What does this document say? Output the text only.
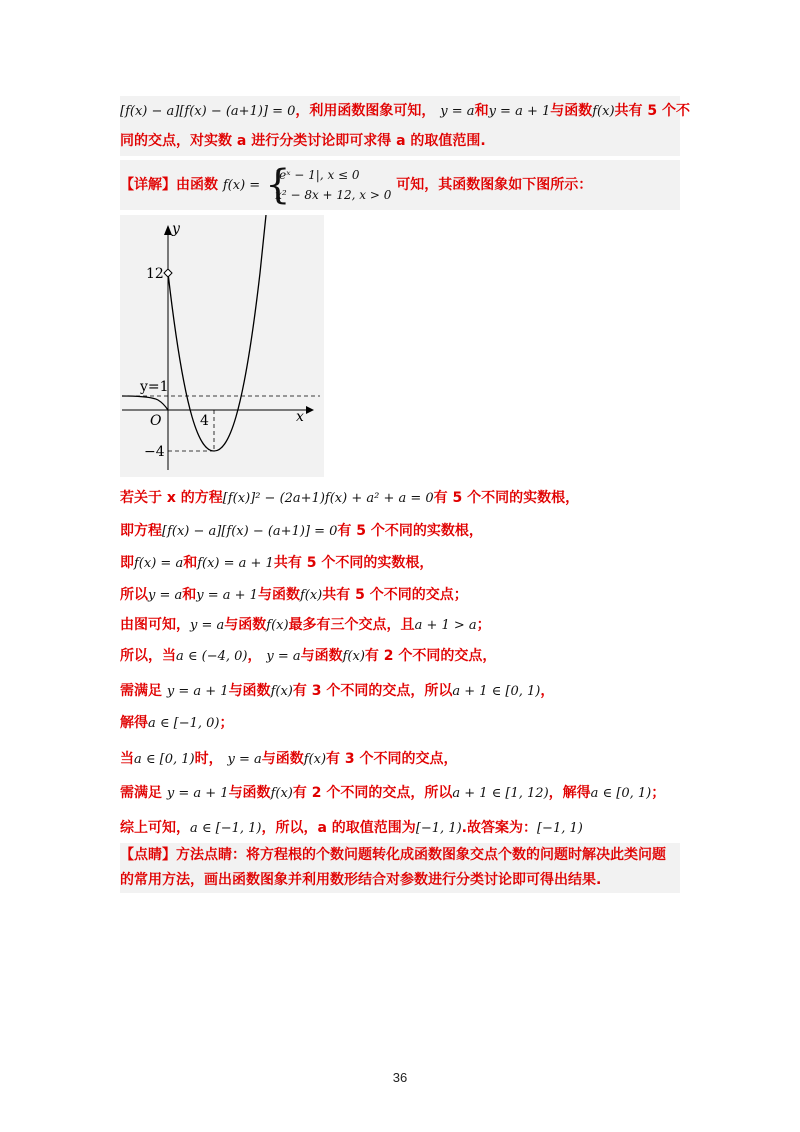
[f(x) − a][f(x) − (a+1)] = 0，利用函数图象可知， y = a和y = a + 1与函数f(x)共有 5 个不
同的交点，对实数 a 进行分类讨论即可求得 a 的取值范围.
【详解】由函数 f(x) = {
|eˣ − 1|, x ≤ 0
x² − 8x + 12, x > 0
可知，其函数图象如下图所示：
y
x
O
12
y=1
4
−4
若关于 x 的方程[f(x)]² − (2a+1)f(x) + a² + a = 0有 5 个不同的实数根，
即方程[f(x) − a][f(x) − (a+1)] = 0有 5 个不同的实数根，
即f(x) = a和f(x) = a + 1共有 5 个不同的实数根，
所以y = a和y = a + 1与函数f(x)共有 5 个不同的交点；
由图可知，y = a与函数f(x)最多有三个交点，且a + 1 > a；
所以，当a ∈ (−4, 0)， y = a与函数f(x)有 2 个不同的交点，
需满足 y = a + 1与函数f(x)有 3 个不同的交点，所以a + 1 ∈ [0, 1)，
解得a ∈ [−1, 0)；
当a ∈ [0, 1)时， y = a与函数f(x)有 3 个不同的交点，
需满足 y = a + 1与函数f(x)有 2 个不同的交点，所以a + 1 ∈ [1, 12)，解得a ∈ [0, 1)；
综上可知，a ∈ [−1, 1)，所以，a 的取值范围为[−1, 1).故答案为：[−1, 1)
【点睛】方法点睛：将方程根的个数问题转化成函数图象交点个数的问题时解决此类问题
的常用方法，画出函数图象并利用数形结合对参数进行分类讨论即可得出结果.
36
